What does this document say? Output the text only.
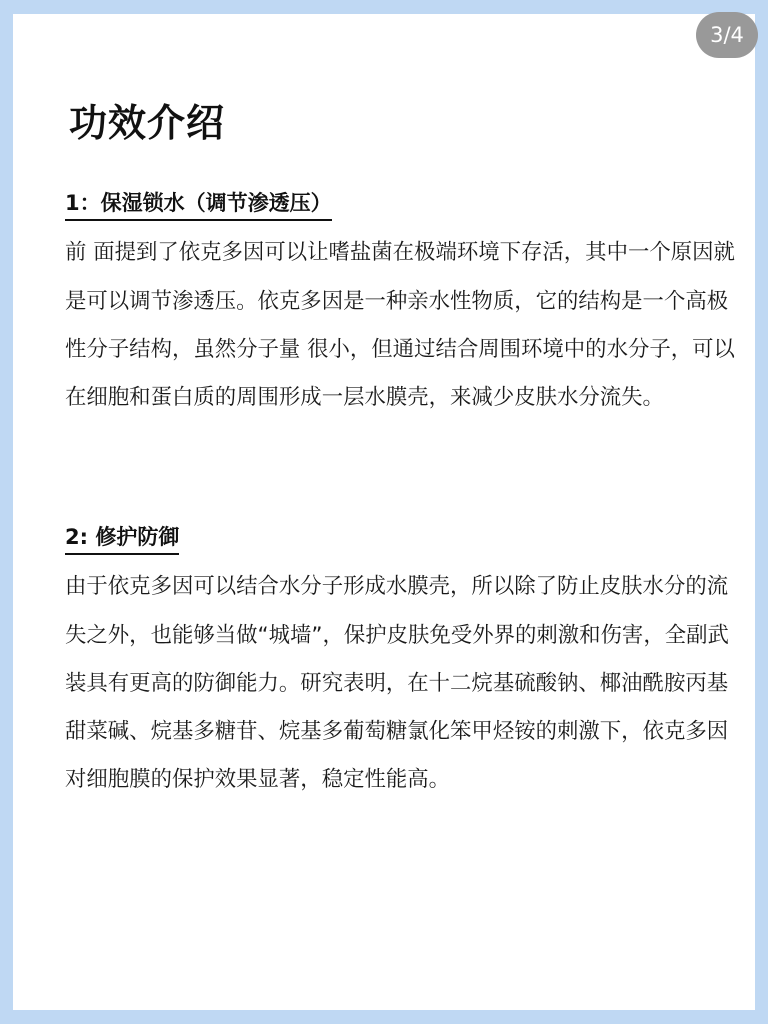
功效介绍
1：保湿锁水（调节渗透压）

前 面提到了依克多因可以让嗜盐菌在极端环境下存活，其中一个原因就是可以调节渗透压。依克多因是一种亲水性物质，它的结构是一个高极性分子结构，虽然分子量 很小，但通过结合周围环境中的水分子，可以在细胞和蛋白质的周围形成一层水膜壳，来减少皮肤水分流失。

2: 修护防御

由于依克多因可以结合水分子形成水膜壳，所以除了防止皮肤水分的流失之外，也能够当做“城墙”，保护皮肤免受外界的刺激和伤害，全副武装具有更高的防御能力。研究表明，在十二烷基硫酸钠、椰油酰胺丙基甜菜碱、烷基多糖苷、烷基多葡萄糖氯化笨甲烃铵的刺激下，依克多因对细胞膜的保护效果显著，稳定性能高。

3/4
